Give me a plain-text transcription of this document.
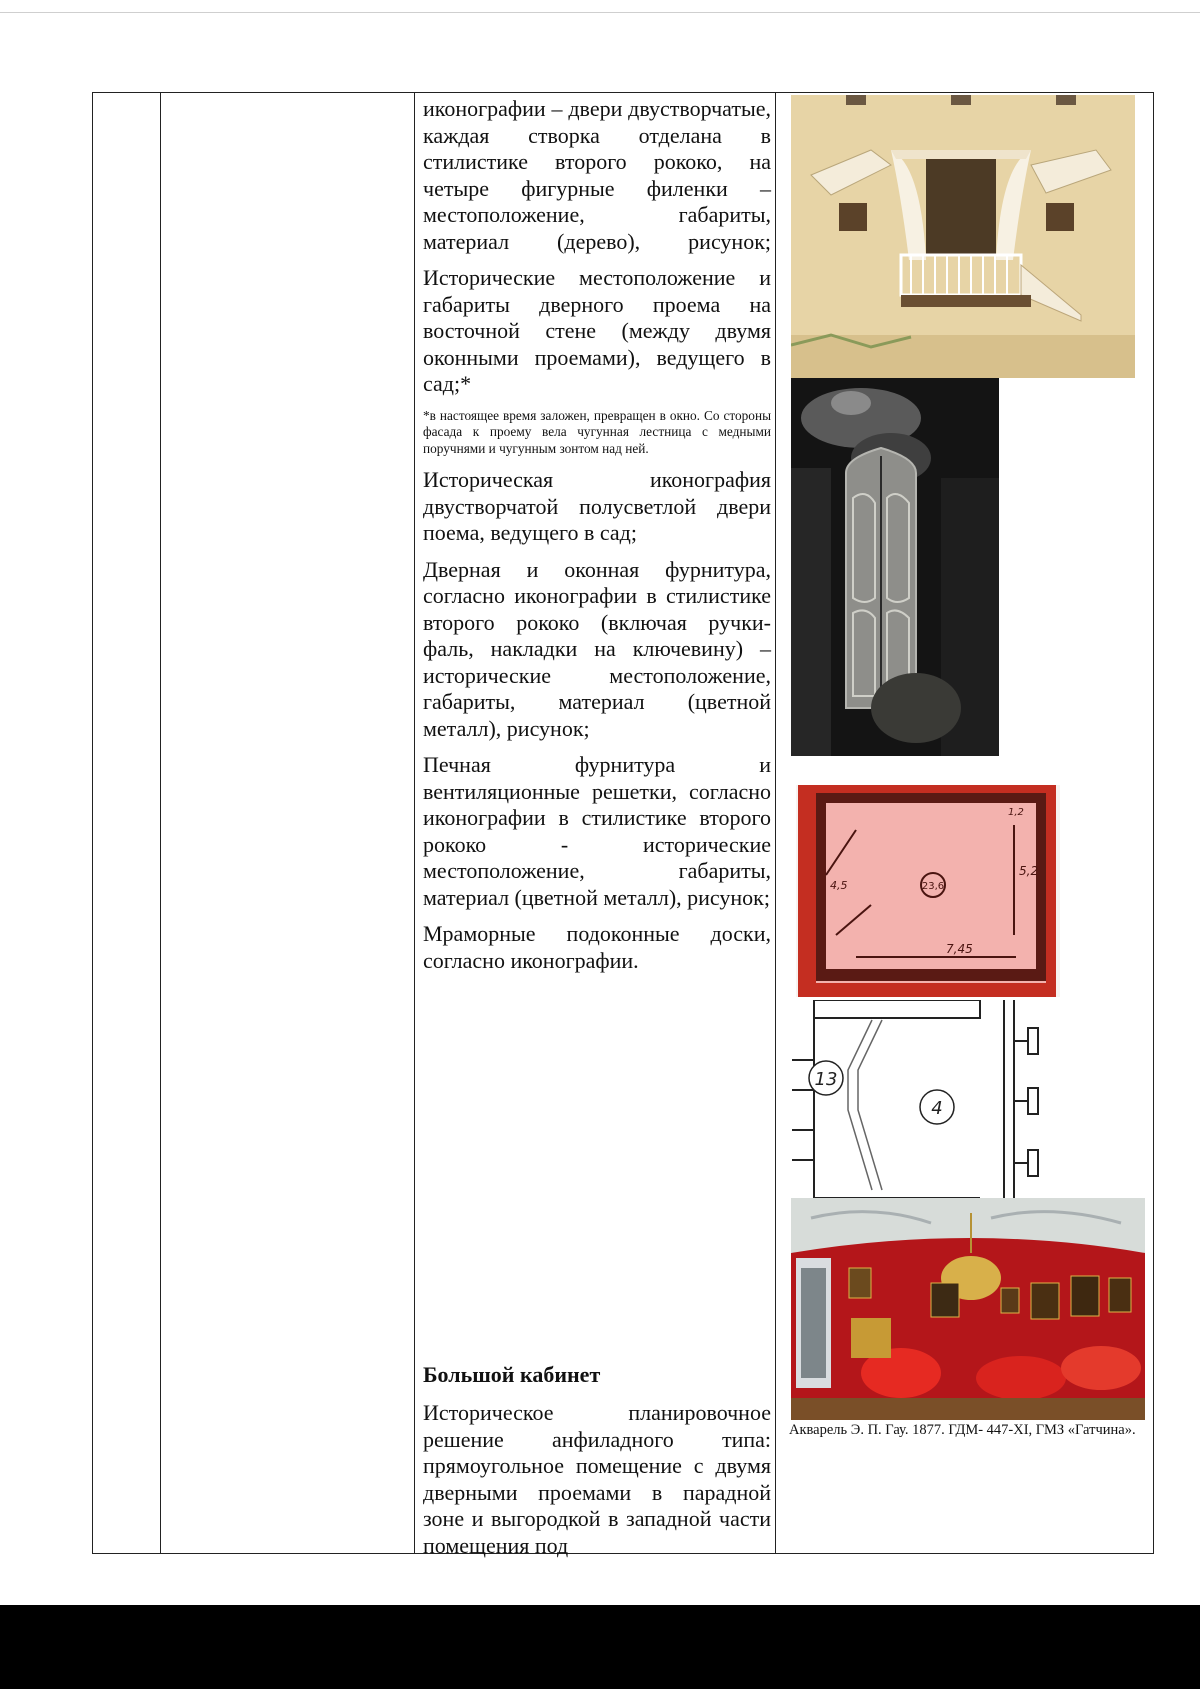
иконографии – двери двустворчатые, каждая створка отделана в стилистике второго рококо, на четыре фигурные филенки – местоположение, габариты, материал (дерево), рисунок;

Исторические местоположение и габариты дверного проема на восточной стене (между двумя оконными проемами), ведущего в сад;*

*в настоящее время заложен, превращен в окно. Со стороны фасада к проему вела чугунная лестница с медными поручнями и чугунным зонтом над ней.

Историческая иконография двустворчатой полусветлой двери поема, ведущего в сад;

Дверная и оконная фурнитура, согласно иконографии в стилистике второго рококо (включая ручки-фаль, накладки на ключевину) – исторические местоположение, габариты, материал (цветной металл), рисунок;

Печная фурнитура и вентиляционные решетки, согласно иконографии в стилистике второго рококо - исторические местоположение, габариты, материал (цветной металл), рисунок;

Мраморные подоконные доски, согласно иконографии.

Большой кабинет

Историческое планировочное решение анфиладного типа: прямоугольное помещение с двумя дверными проемами в парадной зоне и выгородкой в западной части помещения под

23,6
7,45
5,2
4,5
1,2
13
4
Акварель Э. П. Гау. 1877. ГДМ- 447-XI, ГМЗ «Гатчина».
